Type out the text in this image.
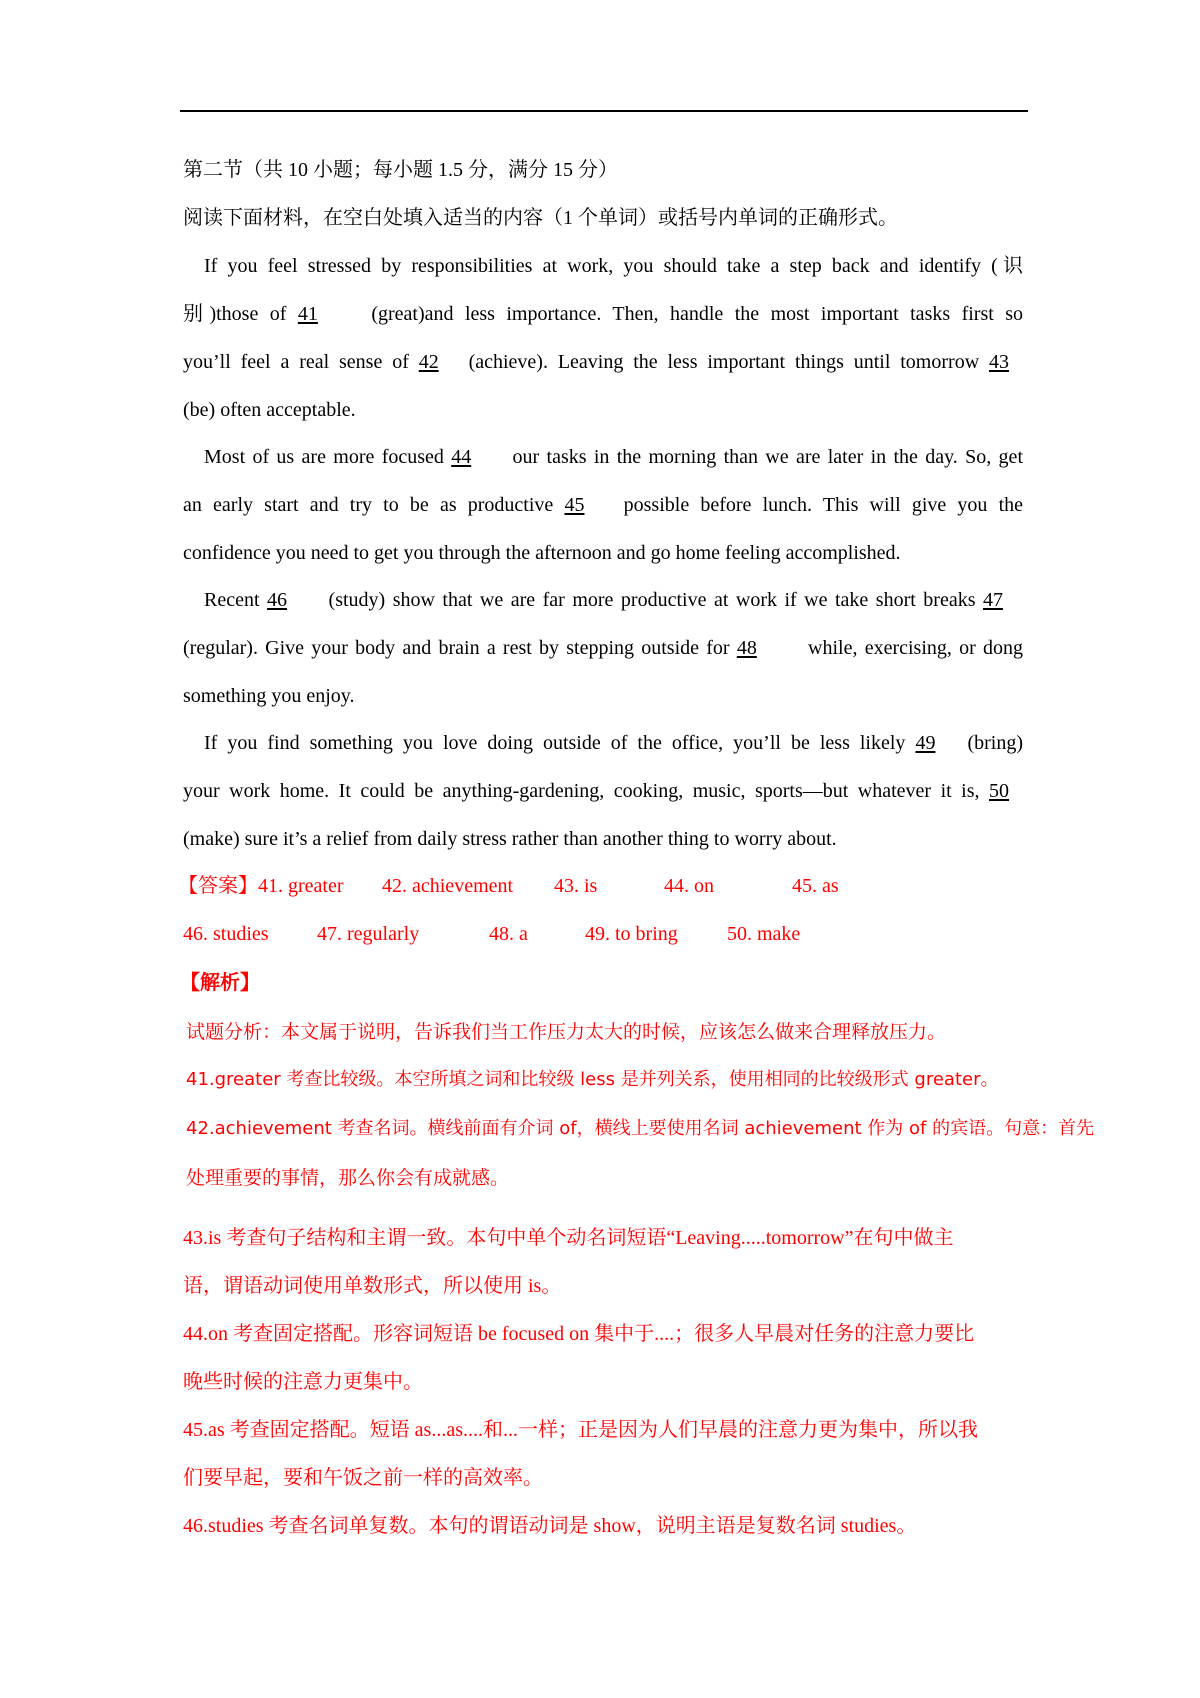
第二节（共 10 小题；每小题 1.5 分，满分 15 分）
阅读下面材料，在空白处填入适当的内容（1 个单词）或括号内单词的正确形式。
If you feel stressed by responsibilities at work, you should take a step back and identify (识
别)those of 41	(great)and less importance. Then, handle the most important tasks first so
you’ll feel a real sense of 42 (achieve). Leaving the less important things until tomorrow 43
(be) often acceptable.
Most of us are more focused 44 our tasks in the morning than we are later in the day. So, get
an early start and try to be as productive 45 possible before lunch. This will give you the
confidence you need to get you through the afternoon and go home feeling accomplished.
Recent 46 (study) show that we are far more productive at work if we take short breaks 47
(regular). Give your body and brain a rest by stepping outside for 48	while, exercising, or dong
something you enjoy.
If you find something you love doing outside of the office, you’ll be less likely 49 (bring)
your work home. It could be anything-gardening, cooking, music, sports—but whatever it is, 50
(make) sure it’s a relief from daily stress rather than another thing to worry about.
【答案】41. greater 42. achievement 43. is	44. on	45. as
46. studies 47. regularly	48. a	49. to bring 50. make
【解析】
试题分析：本文属于说明，告诉我们当工作压力太大的时候，应该怎么做来合理释放压力。
41.greater 考查比较级。本空所填之词和比较级 less 是并列关系，使用相同的比较级形式 greater。
42.achievement 考查名词。横线前面有介词 of，横线上要使用名词 achievement 作为 of 的宾语。句意：首先
处理重要的事情，那么你会有成就感。
43.is 考查句子结构和主谓一致。本句中单个动名词短语“Leaving.....tomorrow”在句中做主
语，谓语动词使用单数形式，所以使用 is。
44.on 考查固定搭配。形容词短语 be focused on 集中于....；很多人早晨对任务的注意力要比
晚些时候的注意力更集中。
45.as 考查固定搭配。短语 as...as....和...一样；正是因为人们早晨的注意力更为集中，所以我
们要早起，要和午饭之前一样的高效率。
46.studies 考查名词单复数。本句的谓语动词是 show，说明主语是复数名词 studies。
